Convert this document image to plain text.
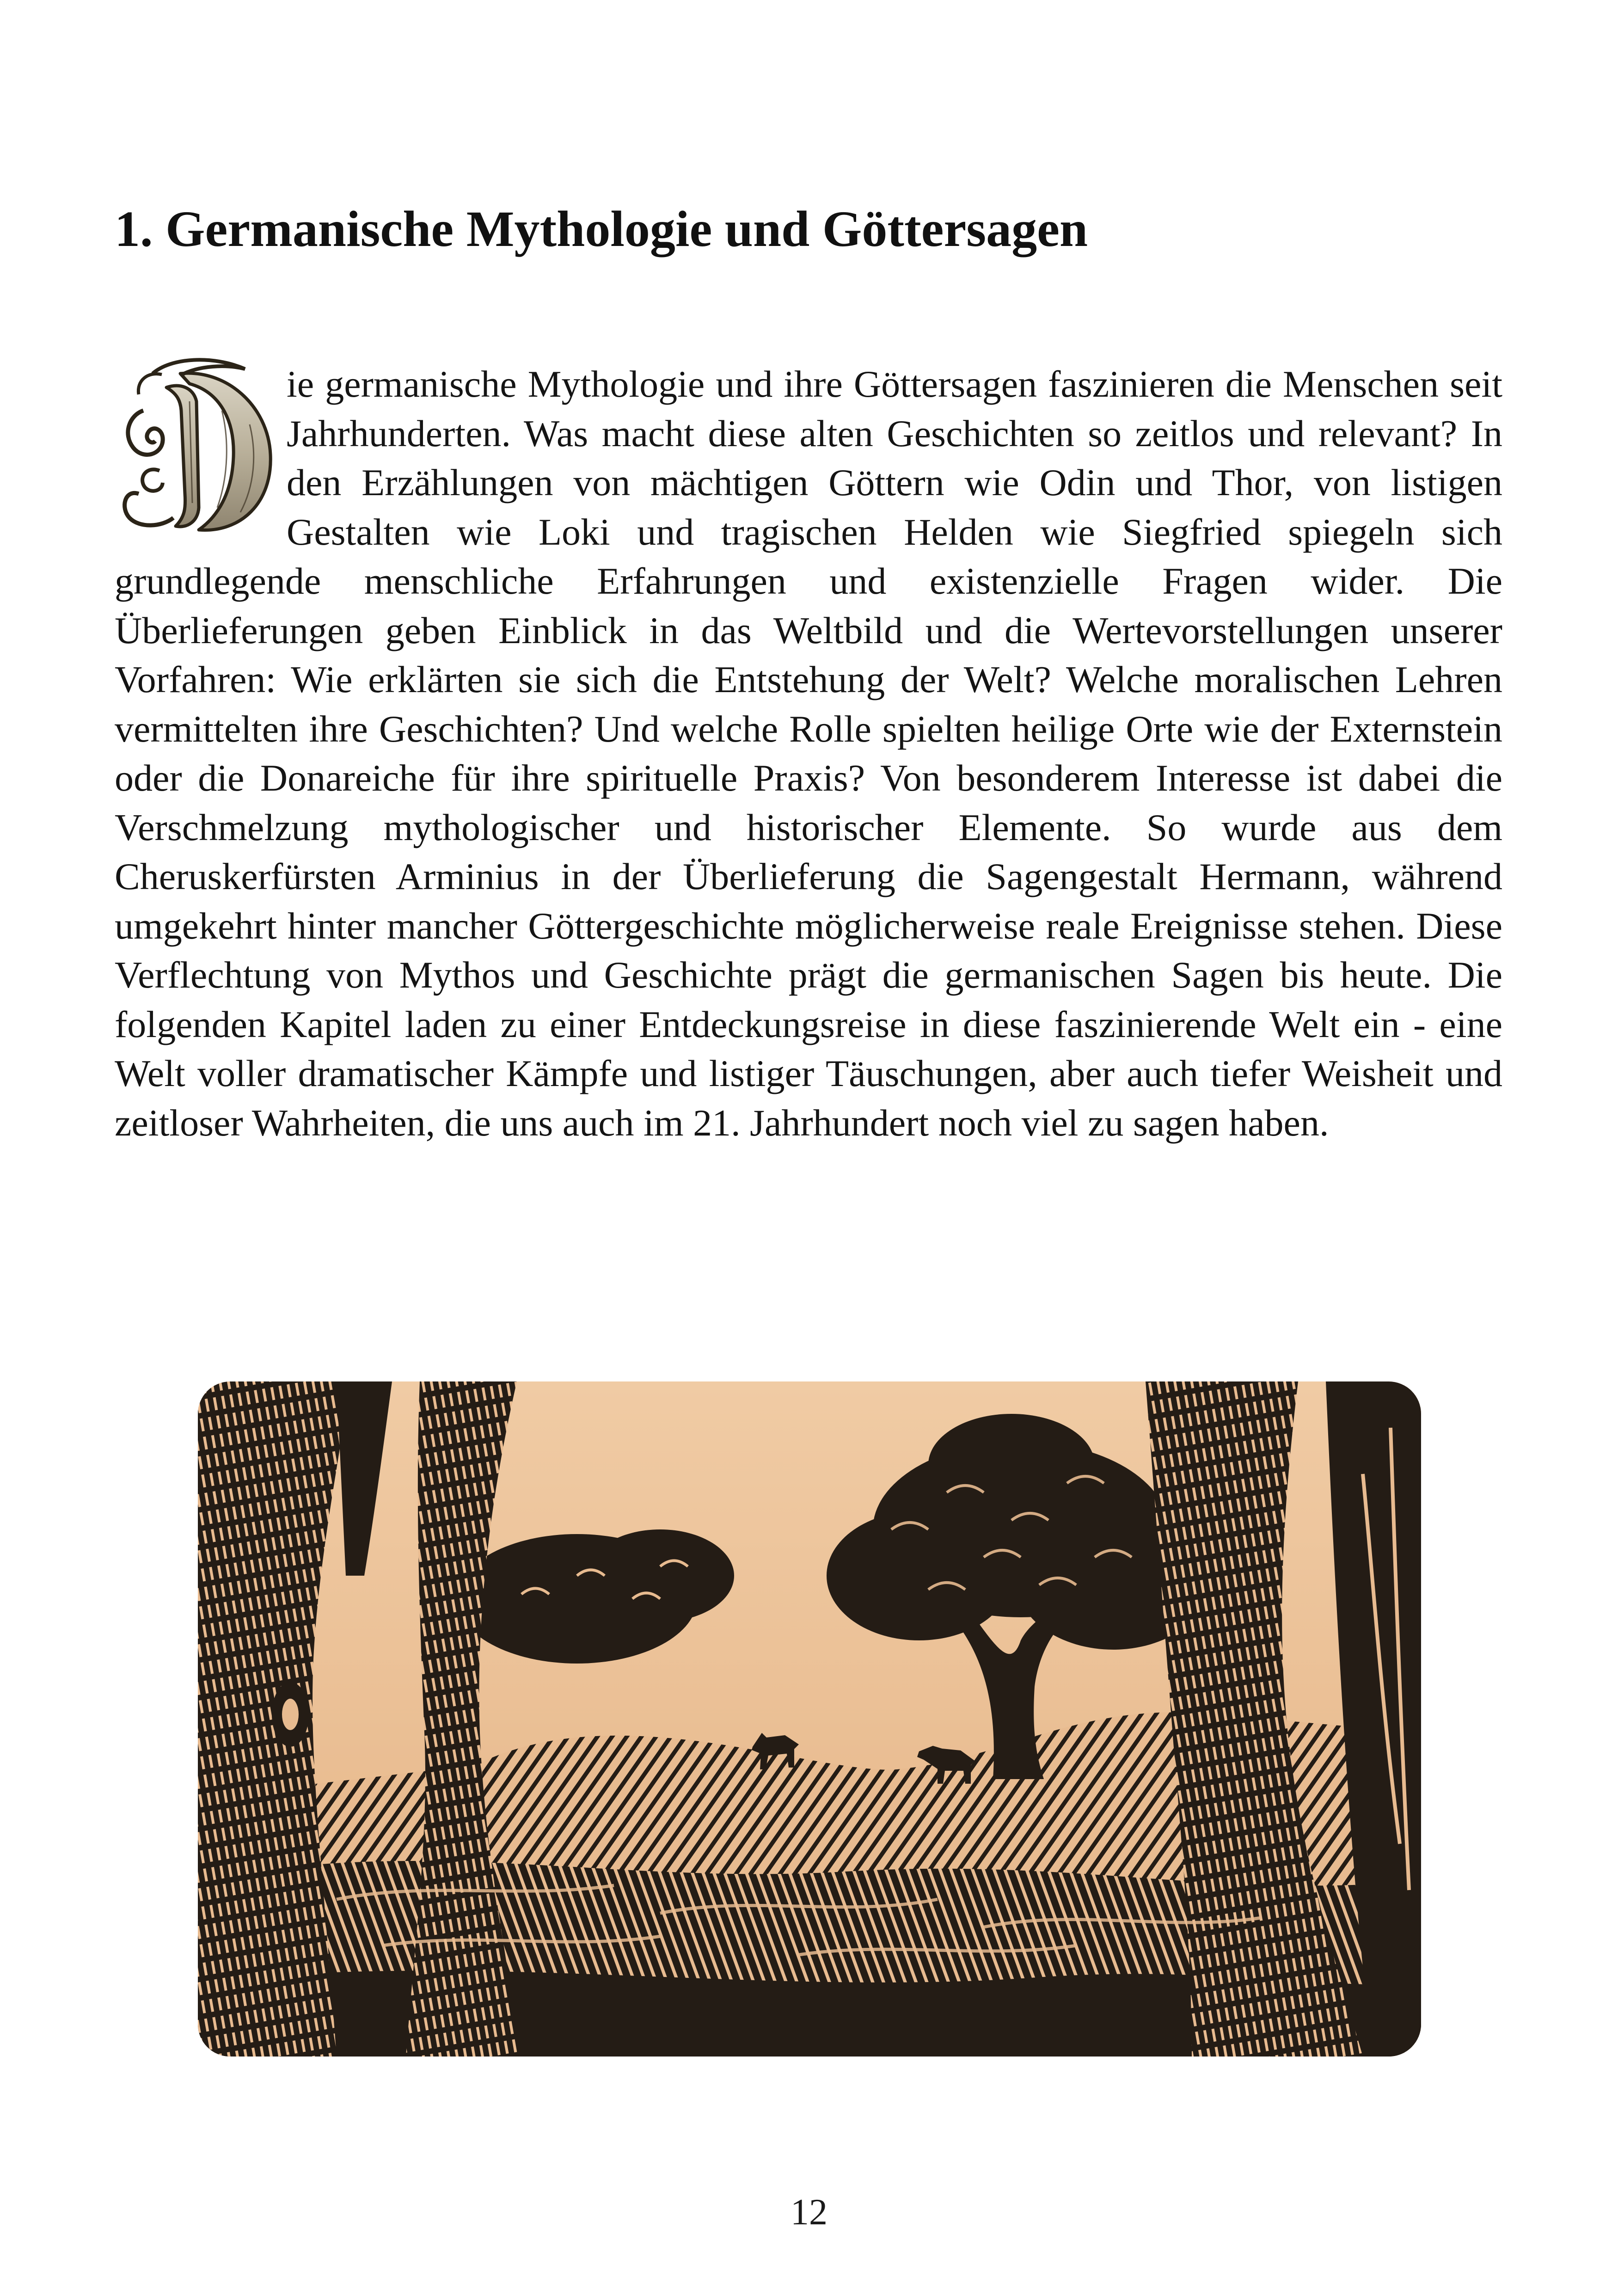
1. Germanische Mythologie und Göttersagen

ie germanische Mythologie und ihre Göttersagen faszinieren die Menschen seit Jahrhunderten. Was macht diese alten Geschichten so zeitlos und relevant? In den Erzählungen von mächtigen Göttern wie Odin und Thor, von listigen Gestalten wie Loki und tragischen Helden wie Siegfried spiegeln sich grundlegende menschliche Erfahrungen und existenzielle Fragen wider. Die Überlieferungen geben Einblick in das Weltbild und die Wertevorstellungen unserer Vorfahren: Wie erklärten sie sich die Entstehung der Welt? Welche moralischen Lehren vermittelten ihre Geschichten? Und welche Rolle spielten heilige Orte wie der Externstein oder die Donareiche für ihre spirituelle Praxis? Von besonderem Interesse ist dabei die Verschmelzung mythologischer und historischer Elemente. So wurde aus dem Cheruskerfürsten Arminius in der Überlieferung die Sagengestalt Hermann, während umgekehrt hinter mancher Göttergeschichte möglicherweise reale Ereignisse stehen. Diese Verflechtung von Mythos und Geschichte prägt die germanischen Sagen bis heute. Die folgenden Kapitel laden zu einer Entdeckungsreise in diese faszinierende Welt ein - eine Welt voller dramatischer Kämpfe und listiger Täuschungen, aber auch tiefer Weisheit und zeitloser Wahrheiten, die uns auch im 21. Jahrhundert noch viel zu sagen haben.

12
